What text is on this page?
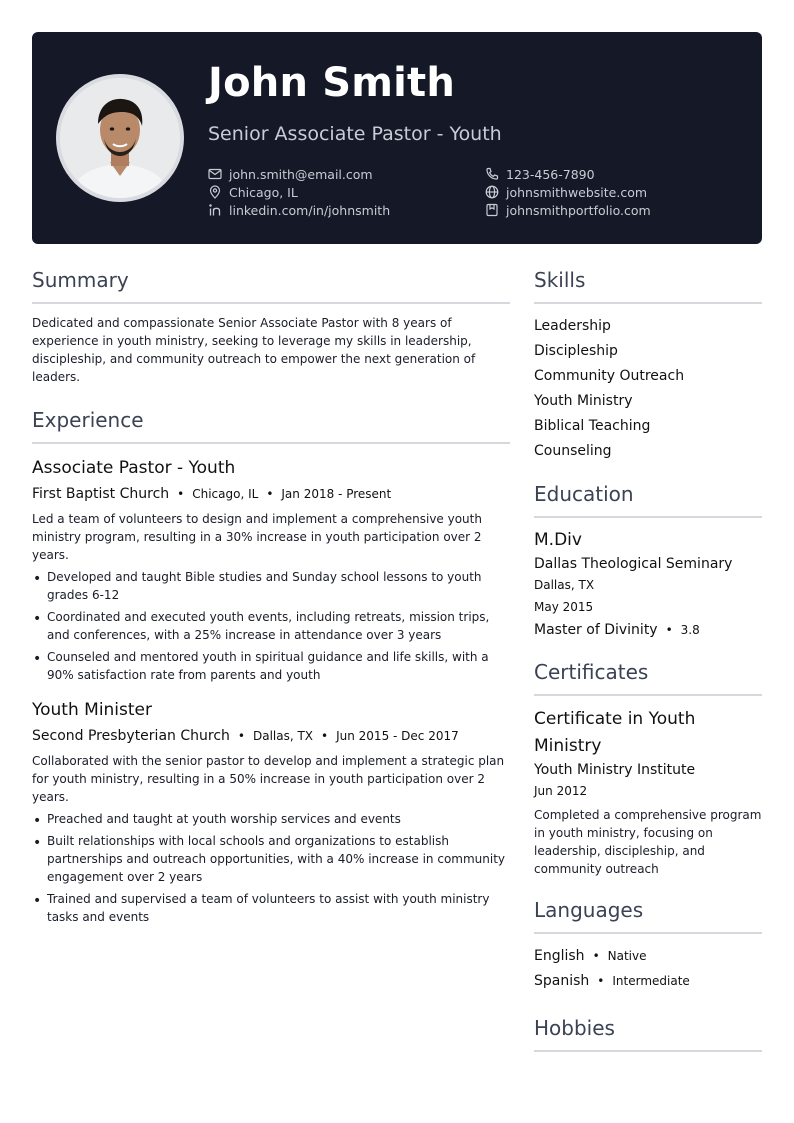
John Smith
Senior Associate Pastor - Youth
john.smith@email.com	123-456-7890
Chicago, IL	johnsmithwebsite.com
linkedin.com/in/johnsmith	johnsmithportfolio.com
Summary

Dedicated and compassionate Senior Associate Pastor with 8 years of experience in youth ministry, seeking to leverage my skills in leadership, discipleship, and community outreach to empower the next generation of leaders.

Experience
Associate Pastor - Youth
First Baptist Church • Chicago, IL • Jan 2018 - Present

Led a team of volunteers to design and implement a comprehensive youth ministry program, resulting in a 30% increase in youth participation over 2 years.

• Developed and taught Bible studies and Sunday school lessons to youth grades 6-12
• Coordinated and executed youth events, including retreats, mission trips, and conferences, with a 25% increase in attendance over 3 years
• Counseled and mentored youth in spiritual guidance and life skills, with a 90% satisfaction rate from parents and youth
Youth Minister
Second Presbyterian Church • Dallas, TX • Jun 2015 - Dec 2017

Collaborated with the senior pastor to develop and implement a strategic plan for youth ministry, resulting in a 50% increase in youth participation over 2 years.

• Preached and taught at youth worship services and events
• Built relationships with local schools and organizations to establish partnerships and outreach opportunities, with a 40% increase in community engagement over 2 years
• Trained and supervised a team of volunteers to assist with youth ministry tasks and events
Skills
Leadership
Discipleship
Community Outreach
Youth Ministry
Biblical Teaching
Counseling
Education
M.Div
Dallas Theological Seminary
Dallas, TX
May 2015
Master of Divinity • 3.8
Certificates
Certificate in Youth Ministry
Youth Ministry Institute
Jun 2012

Completed a comprehensive program in youth ministry, focusing on leadership, discipleship, and community outreach

Languages
English • Native
Spanish • Intermediate
Hobbies
